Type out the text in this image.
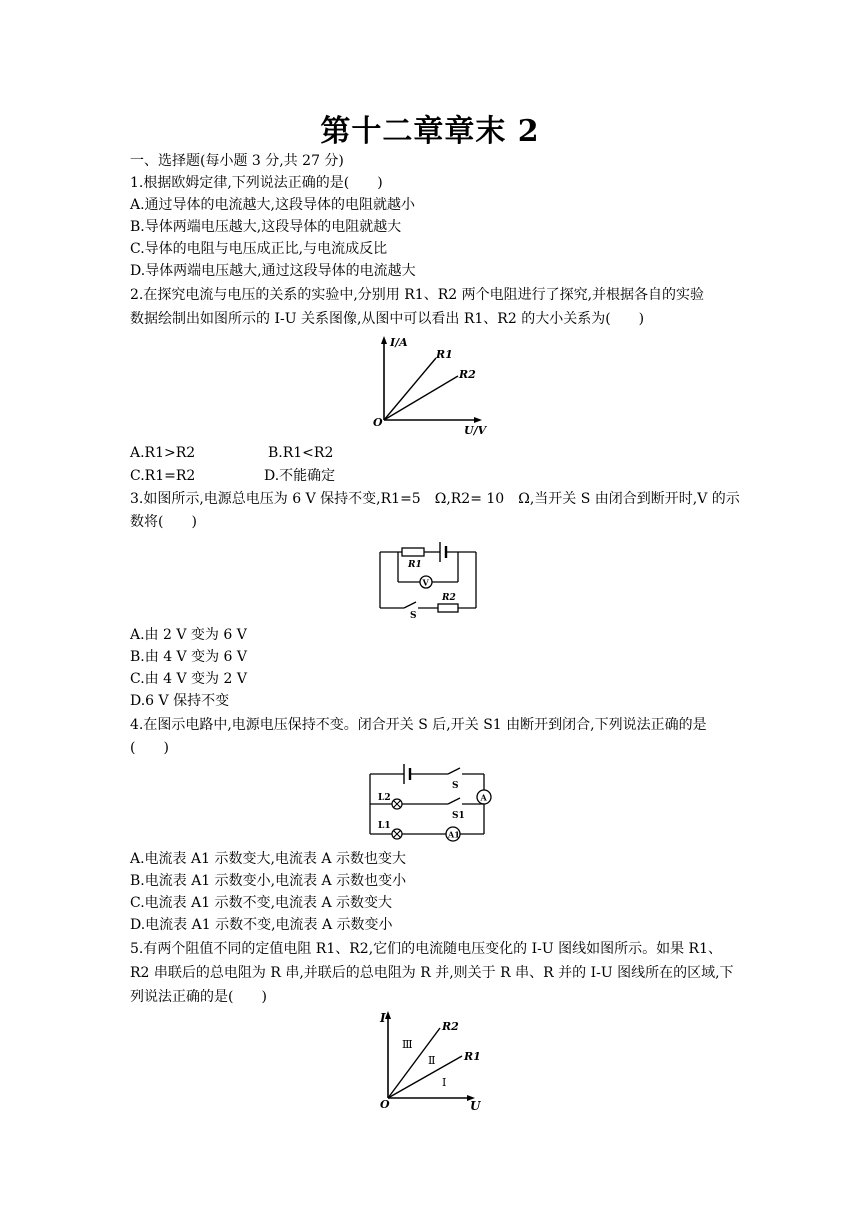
第十二章章末 2
一、选择题(每小题 3 分,共 27 分)
1.根据欧姆定律,下列说法正确的是(　　)
A.通过导体的电流越大,这段导体的电阻就越小
B.导体两端电压越大,这段导体的电阻就越大
C.导体的电阻与电压成正比,与电流成反比
D.导体两端电压越大,通过这段导体的电流越大
2.在探究电流与电压的关系的实验中,分别用 R1、R2 两个电阻进行了探究,并根据各自的实验
数据绘制出如图所示的 I-U 关系图像,从图中可以看出 R1、R2 的大小关系为(　　)
I/A
U/V
O
R1
R2
A.R1>R2	B.R1<R2
C.R1=R2	D.不能确定
3.如图所示,电源总电压为 6 V 保持不变,R1=5　Ω,R2= 10　Ω,当开关 S 由闭合到断开时,V 的示
数将(　　)
V
R1
R2
S
A.由 2 V 变为 6 V
B.由 4 V 变为 6 V
C.由 4 V 变为 2 V
D.6 V 保持不变
4.在图示电路中,电源电压保持不变。闭合开关 S 后,开关 S1 由断开到闭合,下列说法正确的是
(　　)
S
A
S1
L2
A1
L1
A.电流表 A1 示数变大,电流表 A 示数也变大
B.电流表 A1 示数变小,电流表 A 示数也变小
C.电流表 A1 示数不变,电流表 A 示数变大
D.电流表 A1 示数不变,电流表 A 示数变小
5.有两个阻值不同的定值电阻 R1、R2,它们的电流随电压变化的 I-U 图线如图所示。如果 R1、
R2 串联后的总电阻为 R 串,并联后的总电阻为 R 并,则关于 R 串、R 并的 I-U 图线所在的区域,下
列说法正确的是(　　)
I
U
O
R2
R1
Ⅲ
Ⅱ
Ⅰ
